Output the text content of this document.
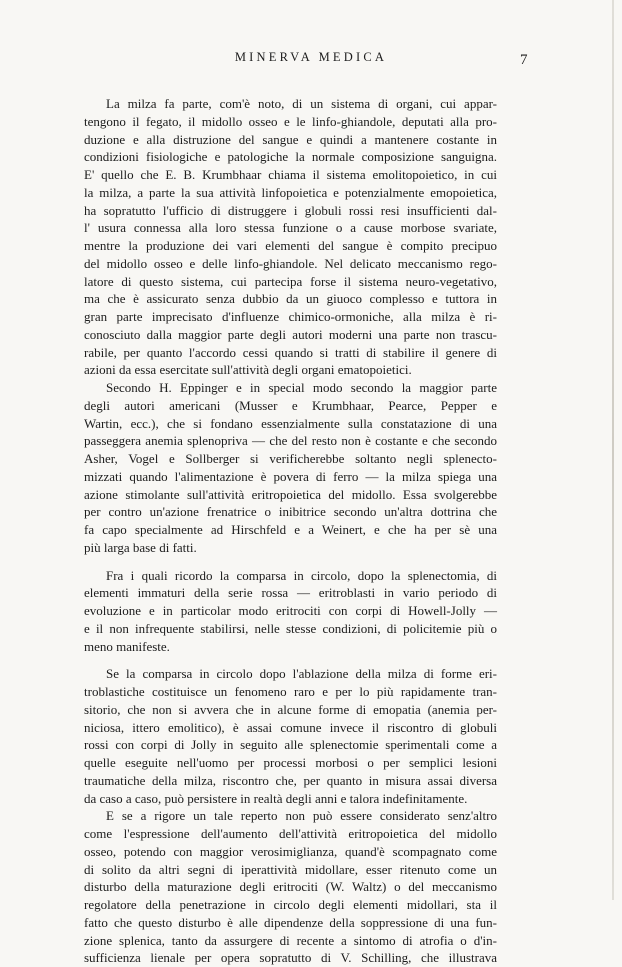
MINERVA MEDICA	7
La milza fa parte, com'è noto, di un sistema di organi, cui appar-
tengono il fegato, il midollo osseo e le linfo-ghiandole, deputati alla pro-
duzione e alla distruzione del sangue e quindi a mantenere costante in
condizioni fisiologiche e patologiche la normale composizione sanguigna.
E' quello che E. B. Krumbhaar chiama il sistema emolitopoietico, in cui
la milza, a parte la sua attività linfopoietica e potenzialmente emopoietica,
ha sopratutto l'ufficio di distruggere i globuli rossi resi insufficienti dal-
l' usura connessa alla loro stessa funzione o a cause morbose svariate,
mentre la produzione dei vari elementi del sangue è compito precipuo
del midollo osseo e delle linfo-ghiandole. Nel delicato meccanismo rego-
latore di questo sistema, cui partecipa forse il sistema neuro-vegetativo,
ma che è assicurato senza dubbio da un giuoco complesso e tuttora in
gran parte imprecisato d'influenze chimico-ormoniche, alla milza è ri-
conosciuto dalla maggior parte degli autori moderni una parte non trascu-
rabile, per quanto l'accordo cessi quando si tratti di stabilire il genere di
azioni da essa esercitate sull'attività degli organi ematopoietici.
Secondo H. Eppinger e in special modo secondo la maggior parte
degli autori americani (Musser e Krumbhaar, Pearce, Pepper e
Wartin, ecc.), che si fondano essenzialmente sulla constatazione di una
passeggera anemia splenopriva — che del resto non è costante e che secondo
Asher, Vogel e Sollberger si verificherebbe soltanto negli splenecto-
mizzati quando l'alimentazione è povera di ferro — la milza spiega una
azione stimolante sull'attività eritropoietica del midollo. Essa svolgerebbe
per contro un'azione frenatrice o inibitrice secondo un'altra dottrina che
fa capo specialmente ad Hirschfeld e a Weinert, e che ha per sè una
più larga base di fatti.
Fra i quali ricordo la comparsa in circolo, dopo la splenectomia, di
elementi immaturi della serie rossa — eritroblasti in vario periodo di
evoluzione e in particolar modo eritrociti con corpi di Howell-Jolly —
e il non infrequente stabilirsi, nelle stesse condizioni, di policitemie più o
meno manifeste.
Se la comparsa in circolo dopo l'ablazione della milza di forme eri-
troblastiche costituisce un fenomeno raro e per lo più rapidamente tran-
sitorio, che non si avvera che in alcune forme di emopatia (anemia per-
niciosa, ittero emolitico), è assai comune invece il riscontro di globuli
rossi con corpi di Jolly in seguito alle splenectomie sperimentali come a
quelle eseguite nell'uomo per processi morbosi o per semplici lesioni
traumatiche della milza, riscontro che, per quanto in misura assai diversa
da caso a caso, può persistere in realtà degli anni e talora indefinitamente.
E se a rigore un tale reperto non può essere considerato senz'altro
come l'espressione dell'aumento dell'attività eritropoietica del midollo
osseo, potendo con maggior verosimiglianza, quand'è scompagnato come
di solito da altri segni di iperattività midollare, esser ritenuto come un
disturbo della maturazione degli eritrociti (W. Waltz) o del meccanismo
regolatore della penetrazione in circolo degli elementi midollari, sta il
fatto che questo disturbo è alle dipendenze della soppressione di una fun-
zione splenica, tanto da assurgere di recente a sintomo di atrofia o d'in-
sufficienza lienale per opera sopratutto di V. Schilling, che illustrava
